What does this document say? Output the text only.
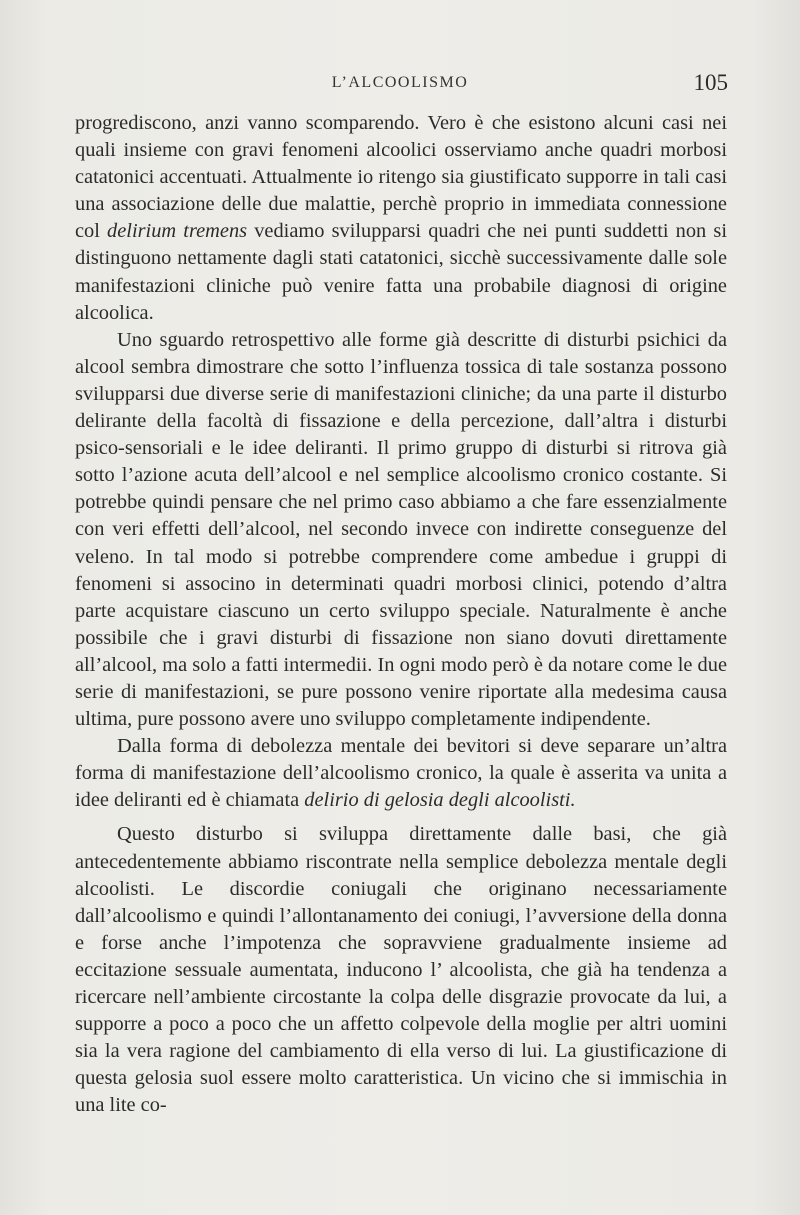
L’ALCOOLISMO	105

progrediscono, anzi vanno scomparendo. Vero è che esistono alcuni casi nei quali insieme con gravi fenomeni alcoolici osserviamo anche quadri morbosi catatonici accentuati. Attualmente io ritengo sia giustificato supporre in tali casi una associazione delle due malattie, perchè proprio in immediata connessione col delirium tremens vediamo svilupparsi quadri che nei punti suddetti non si distinguono nettamente dagli stati catatonici, sicchè successivamente dalle sole manifestazioni cliniche può venire fatta una probabile diagnosi di origine alcoolica.

Uno sguardo retrospettivo alle forme già descritte di disturbi psichici da alcool sembra dimostrare che sotto l’influenza tossica di tale sostanza possono svilupparsi due diverse serie di manifestazioni cliniche; da una parte il disturbo delirante della facoltà di fissazione e della percezione, dall’altra i disturbi psico-sensoriali e le idee deliranti. Il primo gruppo di disturbi si ritrova già sotto l’azione acuta dell’alcool e nel semplice alcoolismo cronico costante. Si potrebbe quindi pensare che nel primo caso abbiamo a che fare essenzialmente con veri effetti dell’alcool, nel secondo invece con indirette conseguenze del veleno. In tal modo si potrebbe comprendere come ambedue i gruppi di fenomeni si associno in determinati quadri morbosi clinici, potendo d’altra parte acquistare ciascuno un certo sviluppo speciale. Naturalmente è anche possibile che i gravi disturbi di fissazione non siano dovuti direttamente all’alcool, ma solo a fatti intermedii. In ogni modo però è da notare come le due serie di manifestazioni, se pure possono venire riportate alla medesima causa ultima, pure possono avere uno sviluppo completamente indipendente.

Dalla forma di debolezza mentale dei bevitori si deve separare un’altra forma di manifestazione dell’alcoolismo cronico, la quale è asserita va unita a idee deliranti ed è chiamata delirio di gelosia degli alcoolisti.

Questo disturbo si sviluppa direttamente dalle basi, che già antecedentemente abbiamo riscontrate nella semplice debolezza mentale degli alcoolisti. Le discordie coniugali che originano necessariamente dall’alcoolismo e quindi l’allontanamento dei coniugi, l’avversione della donna e forse anche l’impotenza che sopravviene gradualmente insieme ad eccitazione sessuale aumentata, inducono l’ alcoolista, che già ha tendenza a ricercare nell’ambiente circostante la colpa delle disgrazie provocate da lui, a supporre a poco a poco che un affetto colpevole della moglie per altri uomini sia la vera ragione del cambiamento di ella verso di lui. La giustificazione di questa gelosia suol essere molto caratteristica. Un vicino che si immischia in una lite co-
